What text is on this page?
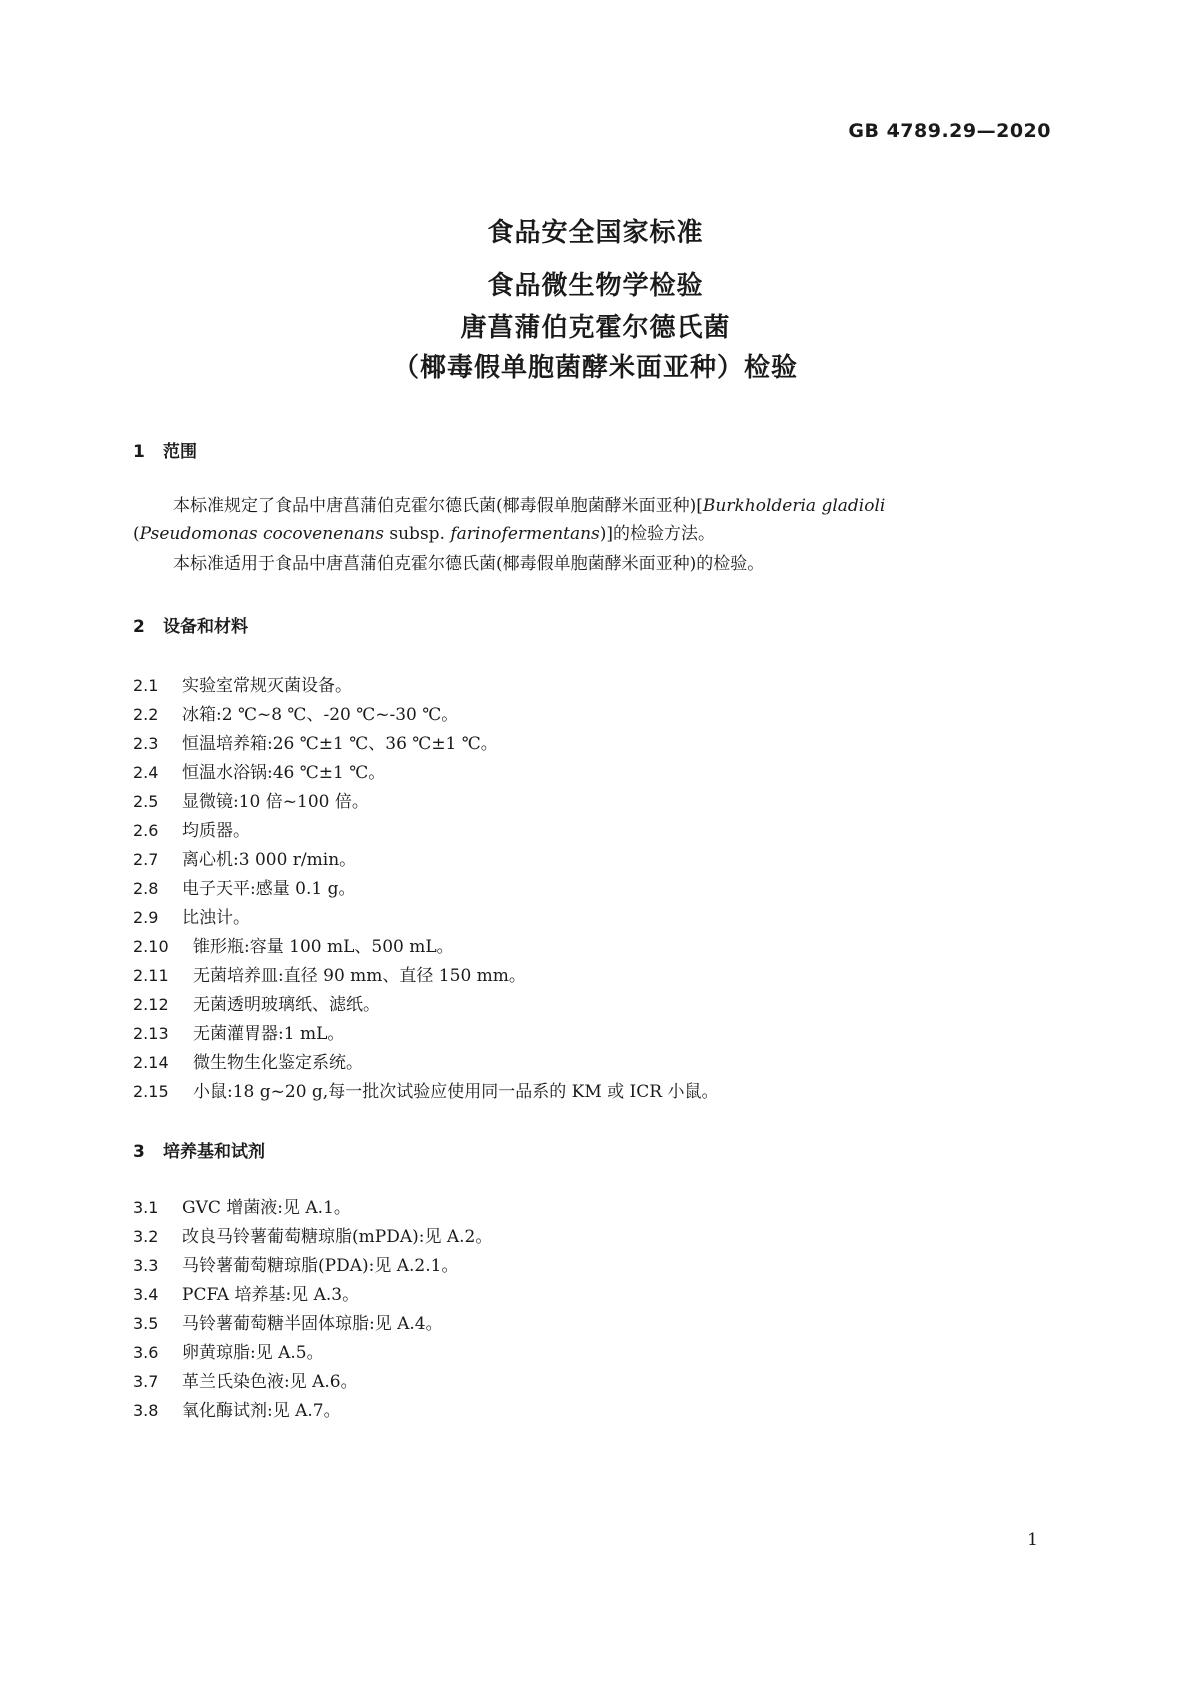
GB 4789.29—2020
食品安全国家标准
食品微生物学检验
唐菖蒲伯克霍尔德氏菌
（椰毒假单胞菌酵米面亚种）检验
1 范围
本标准规定了食品中唐菖蒲伯克霍尔德氏菌(椰毒假单胞菌酵米面亚种)[Burkholderia gladioli
(Pseudomonas cocovenenans subsp. farinofermentans)]的检验方法。
本标准适用于食品中唐菖蒲伯克霍尔德氏菌(椰毒假单胞菌酵米面亚种)的检验。
2 设备和材料
2.1 实验室常规灭菌设备。
2.2 冰箱:2 ℃~8 ℃、-20 ℃~-30 ℃。
2.3 恒温培养箱:26 ℃±1 ℃、36 ℃±1 ℃。
2.4 恒温水浴锅:46 ℃±1 ℃。
2.5 显微镜:10 倍~100 倍。
2.6 均质器。
2.7 离心机:3 000 r/min。
2.8 电子天平:感量 0.1 g。
2.9 比浊计。
2.10 锥形瓶:容量 100 mL、500 mL。
2.11 无菌培养皿:直径 90 mm、直径 150 mm。
2.12 无菌透明玻璃纸、滤纸。
2.13 无菌灌胃器:1 mL。
2.14 微生物生化鉴定系统。
2.15 小鼠:18 g~20 g,每一批次试验应使用同一品系的 KM 或 ICR 小鼠。
3 培养基和试剂
3.1 GVC 增菌液:见 A.1。
3.2 改良马铃薯葡萄糖琼脂(mPDA):见 A.2。
3.3 马铃薯葡萄糖琼脂(PDA):见 A.2.1。
3.4 PCFA 培养基:见 A.3。
3.5 马铃薯葡萄糖半固体琼脂:见 A.4。
3.6 卵黄琼脂:见 A.5。
3.7 革兰氏染色液:见 A.6。
3.8 氧化酶试剂:见 A.7。
1
